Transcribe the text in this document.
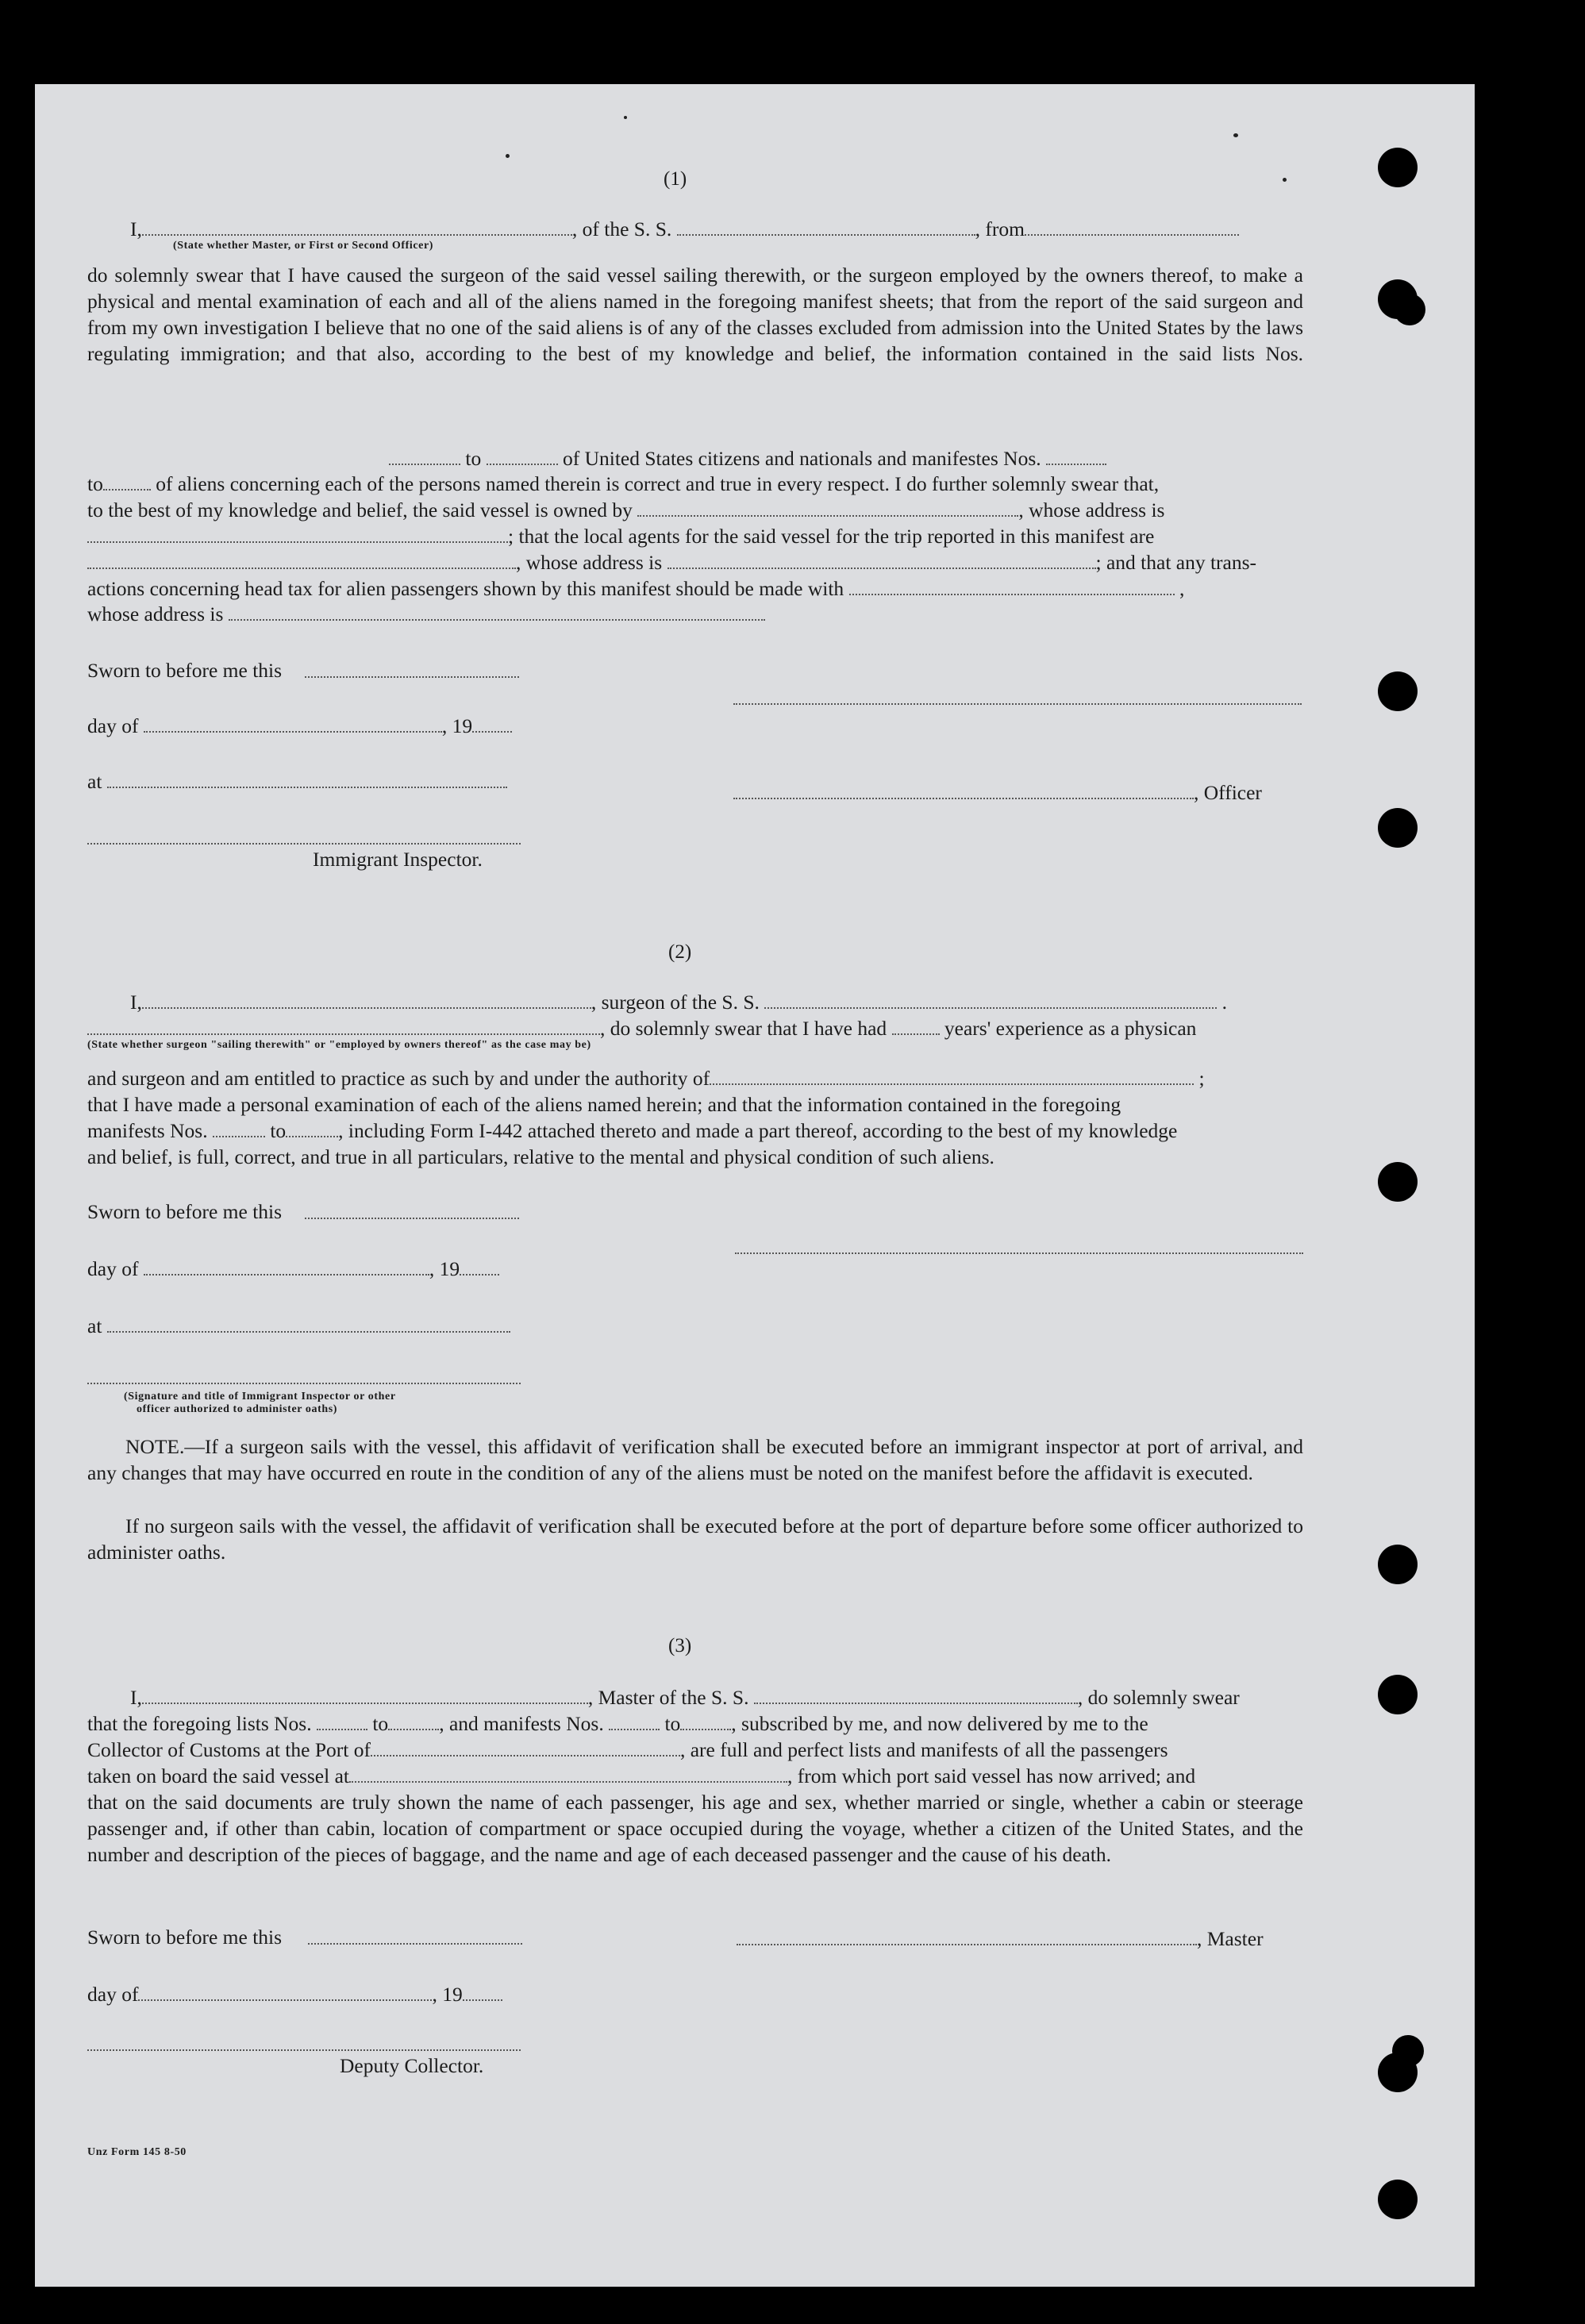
(1)
I,	, of the S. S.	, from
(State whether Master, or First or Second Officer)
do solemnly swear that I have caused the surgeon of the said vessel sailing therewith, or the surgeon employed by the owners thereof, to make a physical and mental examination of each and all of the aliens named in the foregoing manifest sheets; that from the report of the said surgeon and from my own investigation I believe that no one of the said aliens is of any of the classes excluded from admission into the United States by the laws regulating immigration; and that also, according to the best of my knowledge and belief, the information contained in the said lists Nos.
to	of United States citizens and nationals and manifestes Nos.
to	of aliens concerning each of the persons named therein is correct and true in every respect. I do further solemnly swear that,
to the best of my knowledge and belief, the said vessel is owned by	, whose address is
; that the local agents for the said vessel for the trip reported in this manifest are
, whose address is	; and that any trans-
actions concerning head tax for alien passengers shown by this manifest should be made with	,
whose address is
Sworn to before me this
day of	, 19
at	, Officer
Immigrant Inspector.
(2)
I,	, surgeon of the S. S.	.
, do solemnly swear that I have had	years' experience as a physican
(State whether surgeon "sailing therewith" or "employed by owners thereof" as the case may be)
and surgeon and am entitled to practice as such by and under the authority of	;
that I have made a personal examination of each of the aliens named herein; and that the information contained in the foregoing
manifests Nos.	to	, including Form I-442 attached thereto and made a part thereof, according to the best of my knowledge
and belief, is full, correct, and true in all particulars, relative to the mental and physical condition of such aliens.
Sworn to before me this
day of	, 19
at
(Signature and title of Immigrant Inspector or other
officer authorized to administer oaths)
NOTE.—If a surgeon sails with the vessel, this affidavit of verification shall be executed before an immigrant inspector at port of arrival, and any changes that may have occurred en route in the condition of any of the aliens must be noted on the manifest before the affidavit is executed.
If no surgeon sails with the vessel, the affidavit of verification shall be executed before at the port of departure before some officer authorized to administer oaths.
(3)
I,	, Master of the S. S.	, do solemnly swear
that the foregoing lists Nos.	to	, and manifests Nos.	to	, subscribed by me, and now delivered by me to the
Collector of Customs at the Port of	, are full and perfect lists and manifests of all the passengers
taken on board the said vessel at	, from which port said vessel has now arrived; and
that on the said documents are truly shown the name of each passenger, his age and sex, whether married or single, whether a cabin or steerage passenger and, if other than cabin, location of compartment or space occupied during the voyage, whether a citizen of the United States, and the number and description of the pieces of baggage, and the name and age of each deceased passenger and the cause of his death.
Sworn to before me this	, Master
day of	, 19
Deputy Collector.
Unz Form 145 8-50
